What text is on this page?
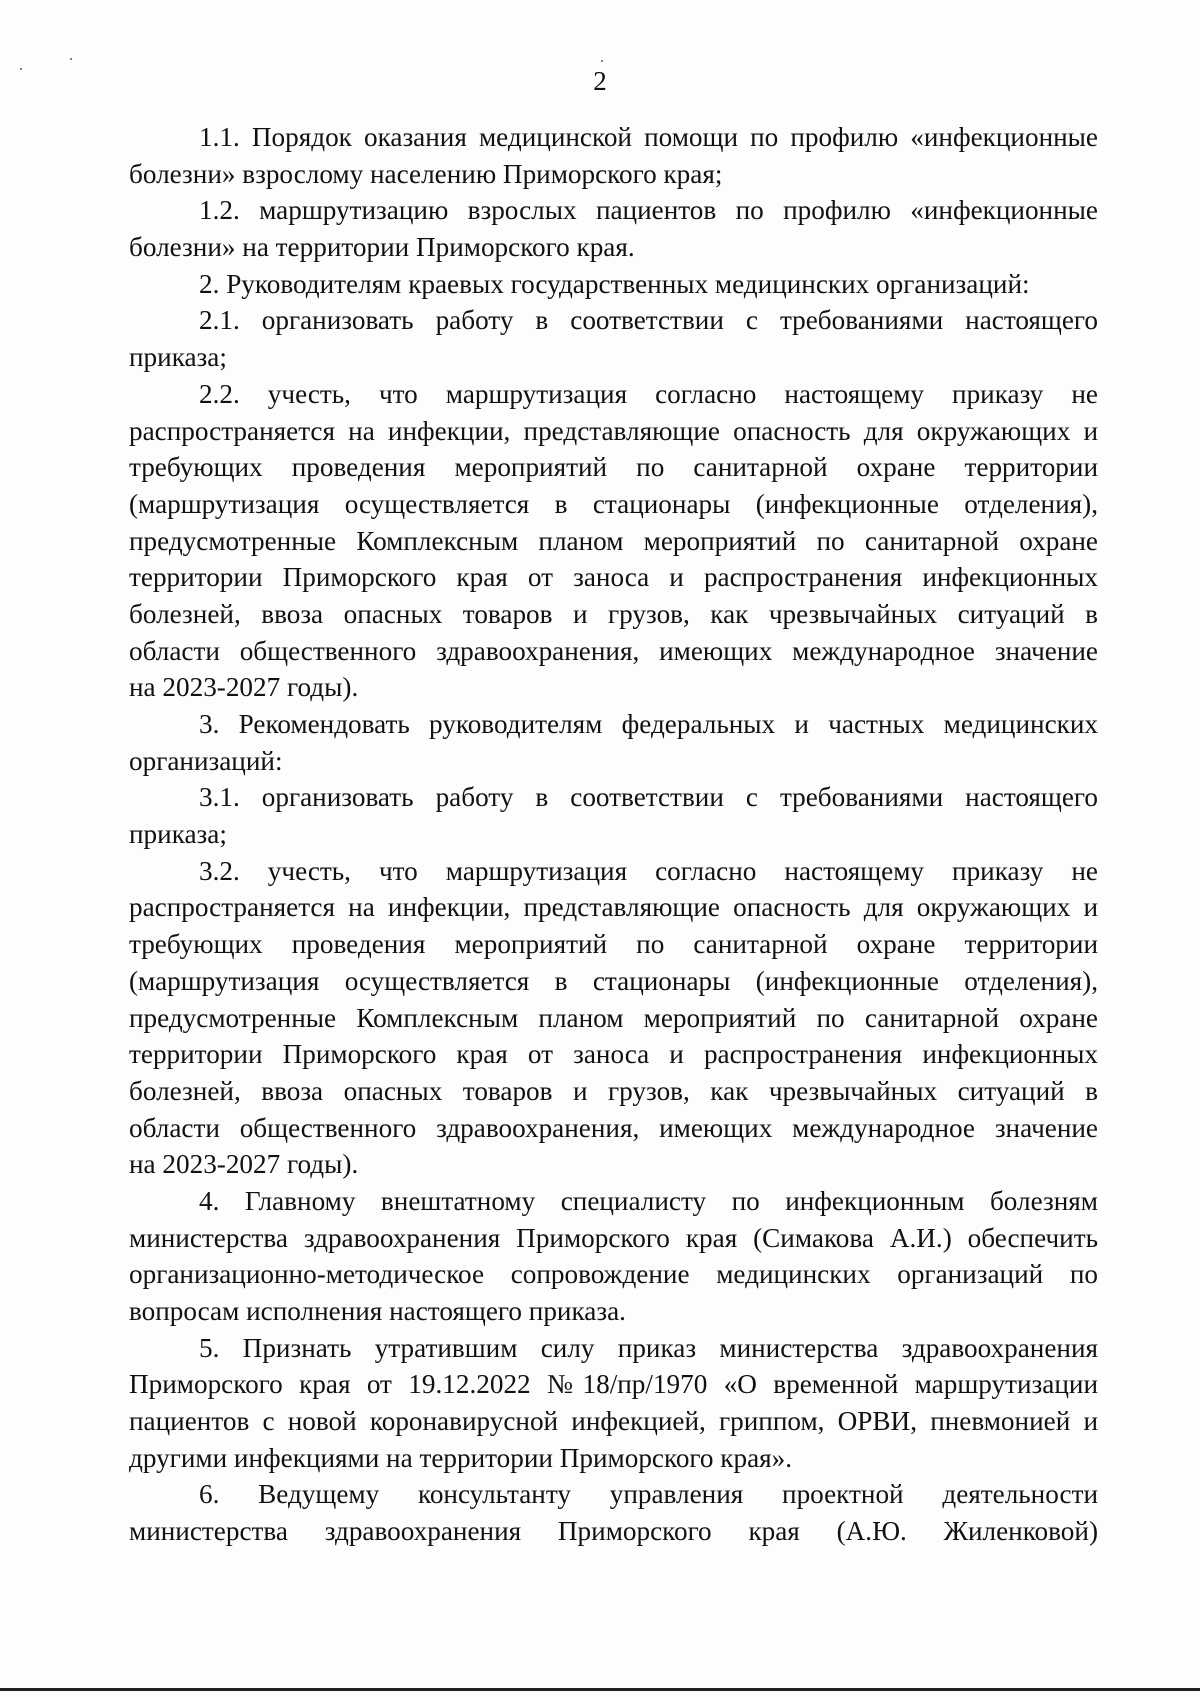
2
1.1. Порядок оказания медицинской помощи по профилю «инфекционные
болезни» взрослому населению Приморского края;
1.2. маршрутизацию взрослых пациентов по профилю «инфекционные
болезни» на территории Приморского края.
2. Руководителям краевых государственных медицинских организаций:
2.1. организовать работу в соответствии с требованиями настоящего
приказа;
2.2. учесть, что маршрутизация согласно настоящему приказу не
распространяется на инфекции, представляющие опасность для окружающих и
требующих проведения мероприятий по санитарной охране территории
(маршрутизация осуществляется в стационары (инфекционные отделения),
предусмотренные Комплексным планом мероприятий по санитарной охране
территории Приморского края от заноса и распространения инфекционных
болезней, ввоза опасных товаров и грузов, как чрезвычайных ситуаций в
области общественного здравоохранения, имеющих международное значение
на 2023-2027 годы).
3. Рекомендовать руководителям федеральных и частных медицинских
организаций:
3.1. организовать работу в соответствии с требованиями настоящего
приказа;
3.2. учесть, что маршрутизация согласно настоящему приказу не
распространяется на инфекции, представляющие опасность для окружающих и
требующих проведения мероприятий по санитарной охране территории
(маршрутизация осуществляется в стационары (инфекционные отделения),
предусмотренные Комплексным планом мероприятий по санитарной охране
территории Приморского края от заноса и распространения инфекционных
болезней, ввоза опасных товаров и грузов, как чрезвычайных ситуаций в
области общественного здравоохранения, имеющих международное значение
на 2023-2027 годы).
4. Главному внештатному специалисту по инфекционным болезням
министерства здравоохранения Приморского края (Симакова А.И.) обеспечить
организационно-методическое сопровождение медицинских организаций по
вопросам исполнения настоящего приказа.
5. Признать утратившим силу приказ министерства здравоохранения
Приморского края от 19.12.2022 №18/пр/1970 «О временной маршрутизации
пациентов с новой коронавирусной инфекцией, гриппом, ОРВИ, пневмонией и
другими инфекциями на территории Приморского края».
6. Ведущему консультанту управления проектной деятельности
министерства здравоохранения Приморского края (А.Ю. Жиленковой)
